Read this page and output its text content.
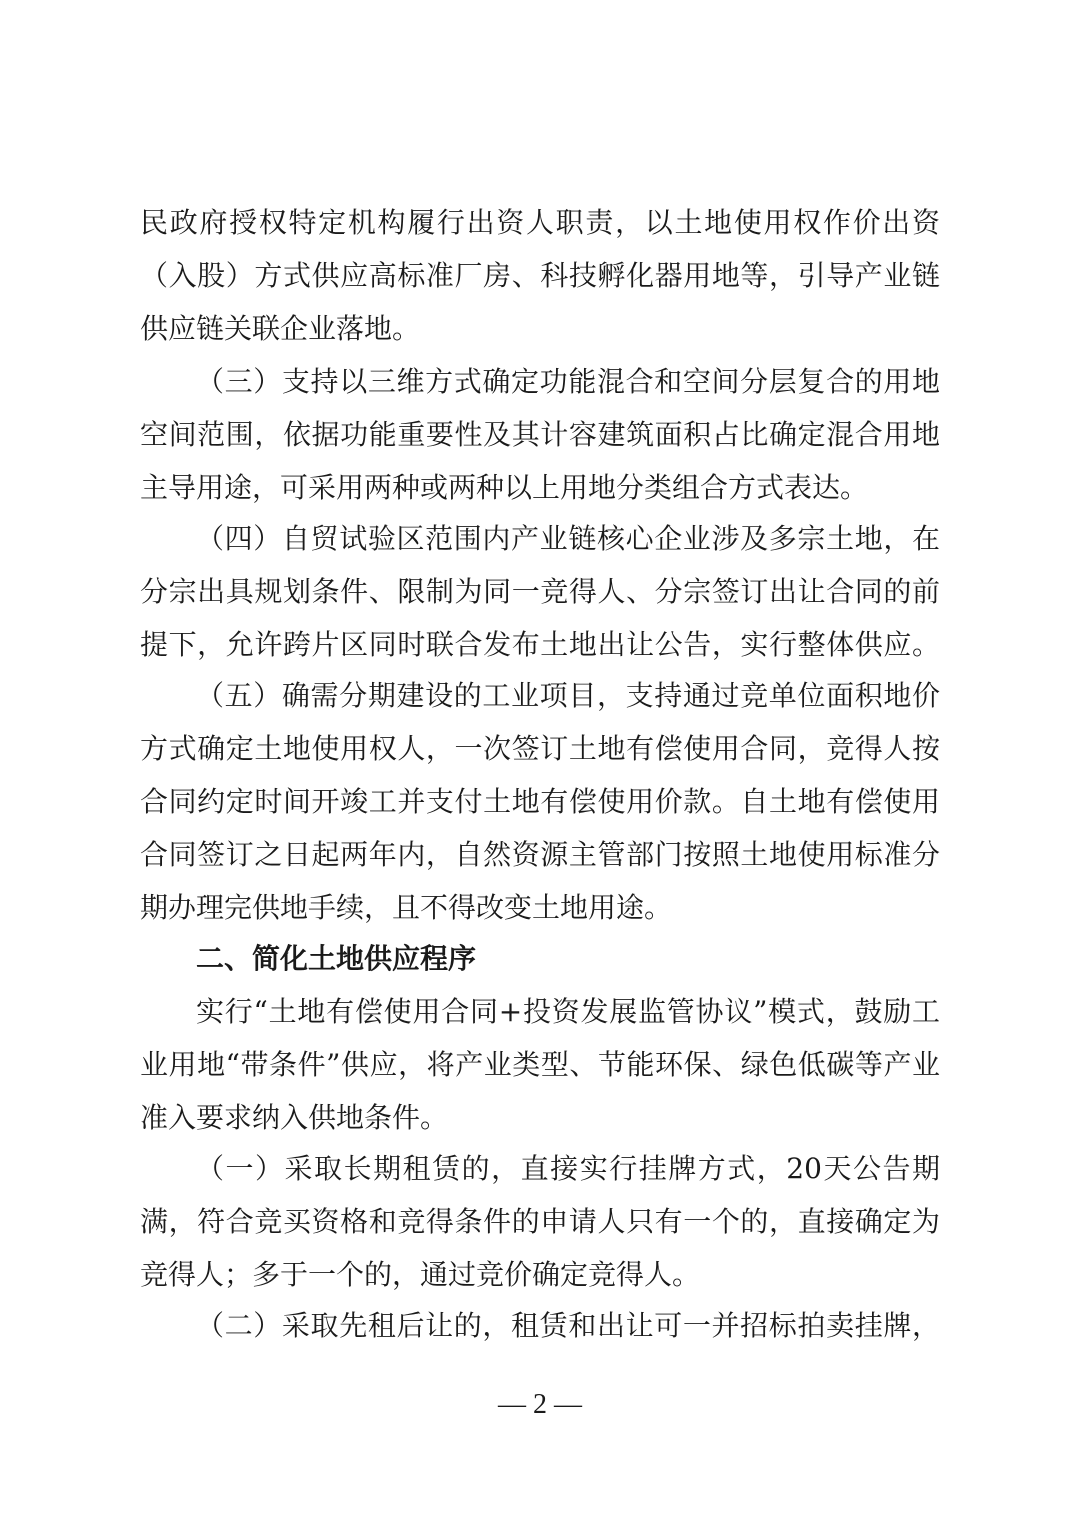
民政府授权特定机构履行出资人职责，以土地使用权作价出资
（入股）方式供应高标准厂房、科技孵化器用地等，引导产业链
供应链关联企业落地。
（三）支持以三维方式确定功能混合和空间分层复合的用地
空间范围，依据功能重要性及其计容建筑面积占比确定混合用地
主导用途，可采用两种或两种以上用地分类组合方式表达。
（四）自贸试验区范围内产业链核心企业涉及多宗土地，在
分宗出具规划条件、限制为同一竞得人、分宗签订出让合同的前
提下，允许跨片区同时联合发布土地出让公告，实行整体供应。
（五）确需分期建设的工业项目，支持通过竞单位面积地价
方式确定土地使用权人，一次签订土地有偿使用合同，竞得人按
合同约定时间开竣工并支付土地有偿使用价款。自土地有偿使用
合同签订之日起两年内，自然资源主管部门按照土地使用标准分
期办理完供地手续，且不得改变土地用途。
二、简化土地供应程序
实行“土地有偿使用合同+投资发展监管协议”模式，鼓励工
业用地“带条件”供应，将产业类型、节能环保、绿色低碳等产业
准入要求纳入供地条件。
（一）采取长期租赁的，直接实行挂牌方式，20天公告期
满，符合竞买资格和竞得条件的申请人只有一个的，直接确定为
竞得人；多于一个的，通过竞价确定竞得人。
（二）采取先租后让的，租赁和出让可一并招标拍卖挂牌，
— 2 —
